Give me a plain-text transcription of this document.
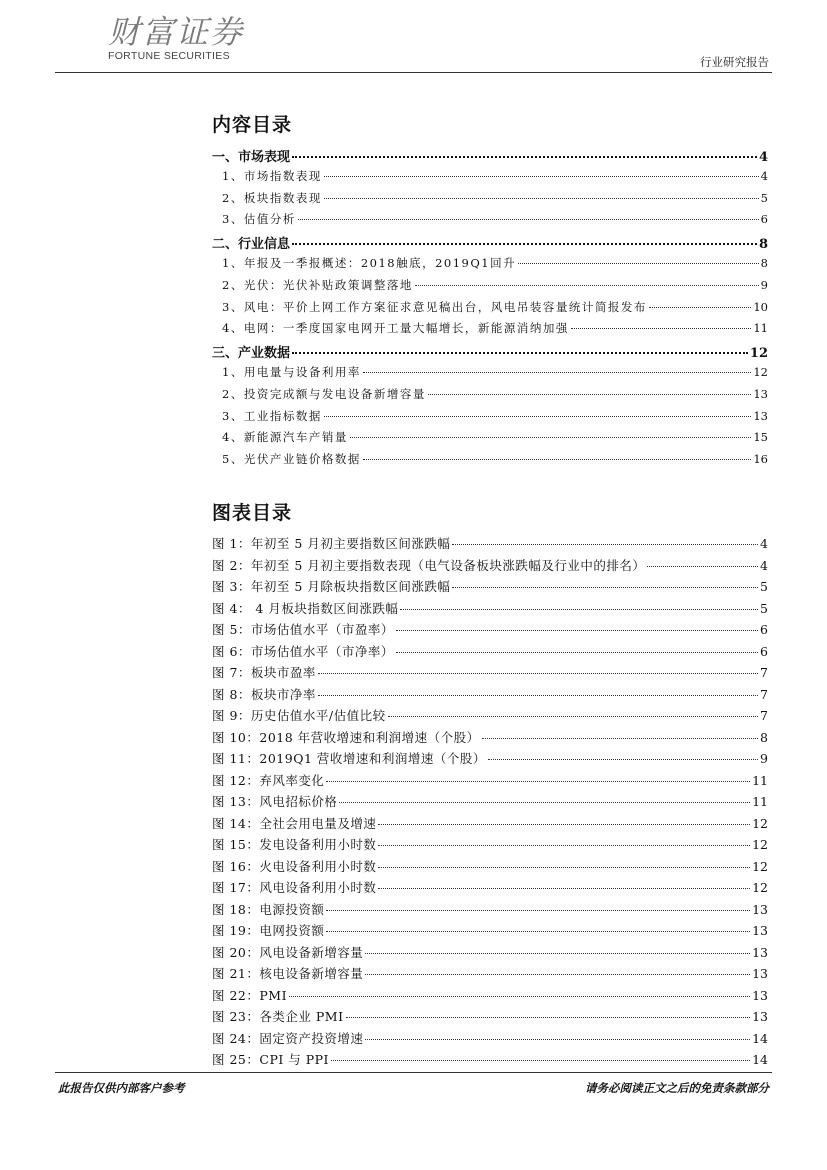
财富证券
FORTUNE SECURITIES	行业研究报告
内容目录
一、市场表现	4
1、市场指数表现	4
2、板块指数表现	5
3、估值分析	6
二、行业信息	8
1、年报及一季报概述：2018触底，2019Q1回升	8
2、光伏：光伏补贴政策调整落地	9
3、风电：平价上网工作方案征求意见稿出台，风电吊装容量统计简报发布	10
4、电网：一季度国家电网开工量大幅增长，新能源消纳加强	11
三、产业数据	12
1、用电量与设备利用率	12
2、投资完成额与发电设备新增容量	13
3、工业指标数据	13
4、新能源汽车产销量	15
5、光伏产业链价格数据	16
图表目录
图 1：年初至 5 月初主要指数区间涨跌幅	4
图 2：年初至 5 月初主要指数表现（电气设备板块涨跌幅及行业中的排名）	4
图 3：年初至 5 月除板块指数区间涨跌幅	5
图 4： 4 月板块指数区间涨跌幅	5
图 5：市场估值水平（市盈率）	6
图 6：市场估值水平（市净率）	6
图 7：板块市盈率	7
图 8：板块市净率	7
图 9：历史估值水平/估值比较	7
图 10：2018 年营收增速和利润增速（个股）	8
图 11：2019Q1 营收增速和利润增速（个股）	9
图 12：弃风率变化	11
图 13：风电招标价格	11
图 14：全社会用电量及增速	12
图 15：发电设备利用小时数	12
图 16：火电设备利用小时数	12
图 17：风电设备利用小时数	12
图 18：电源投资额	13
图 19：电网投资额	13
图 20：风电设备新增容量	13
图 21：核电设备新增容量	13
图 22：PMI	13
图 23：各类企业 PMI	13
图 24：固定资产投资增速	14
图 25：CPI 与 PPI	14
此报告仅供内部客户参考	请务必阅读正文之后的免责条款部分
